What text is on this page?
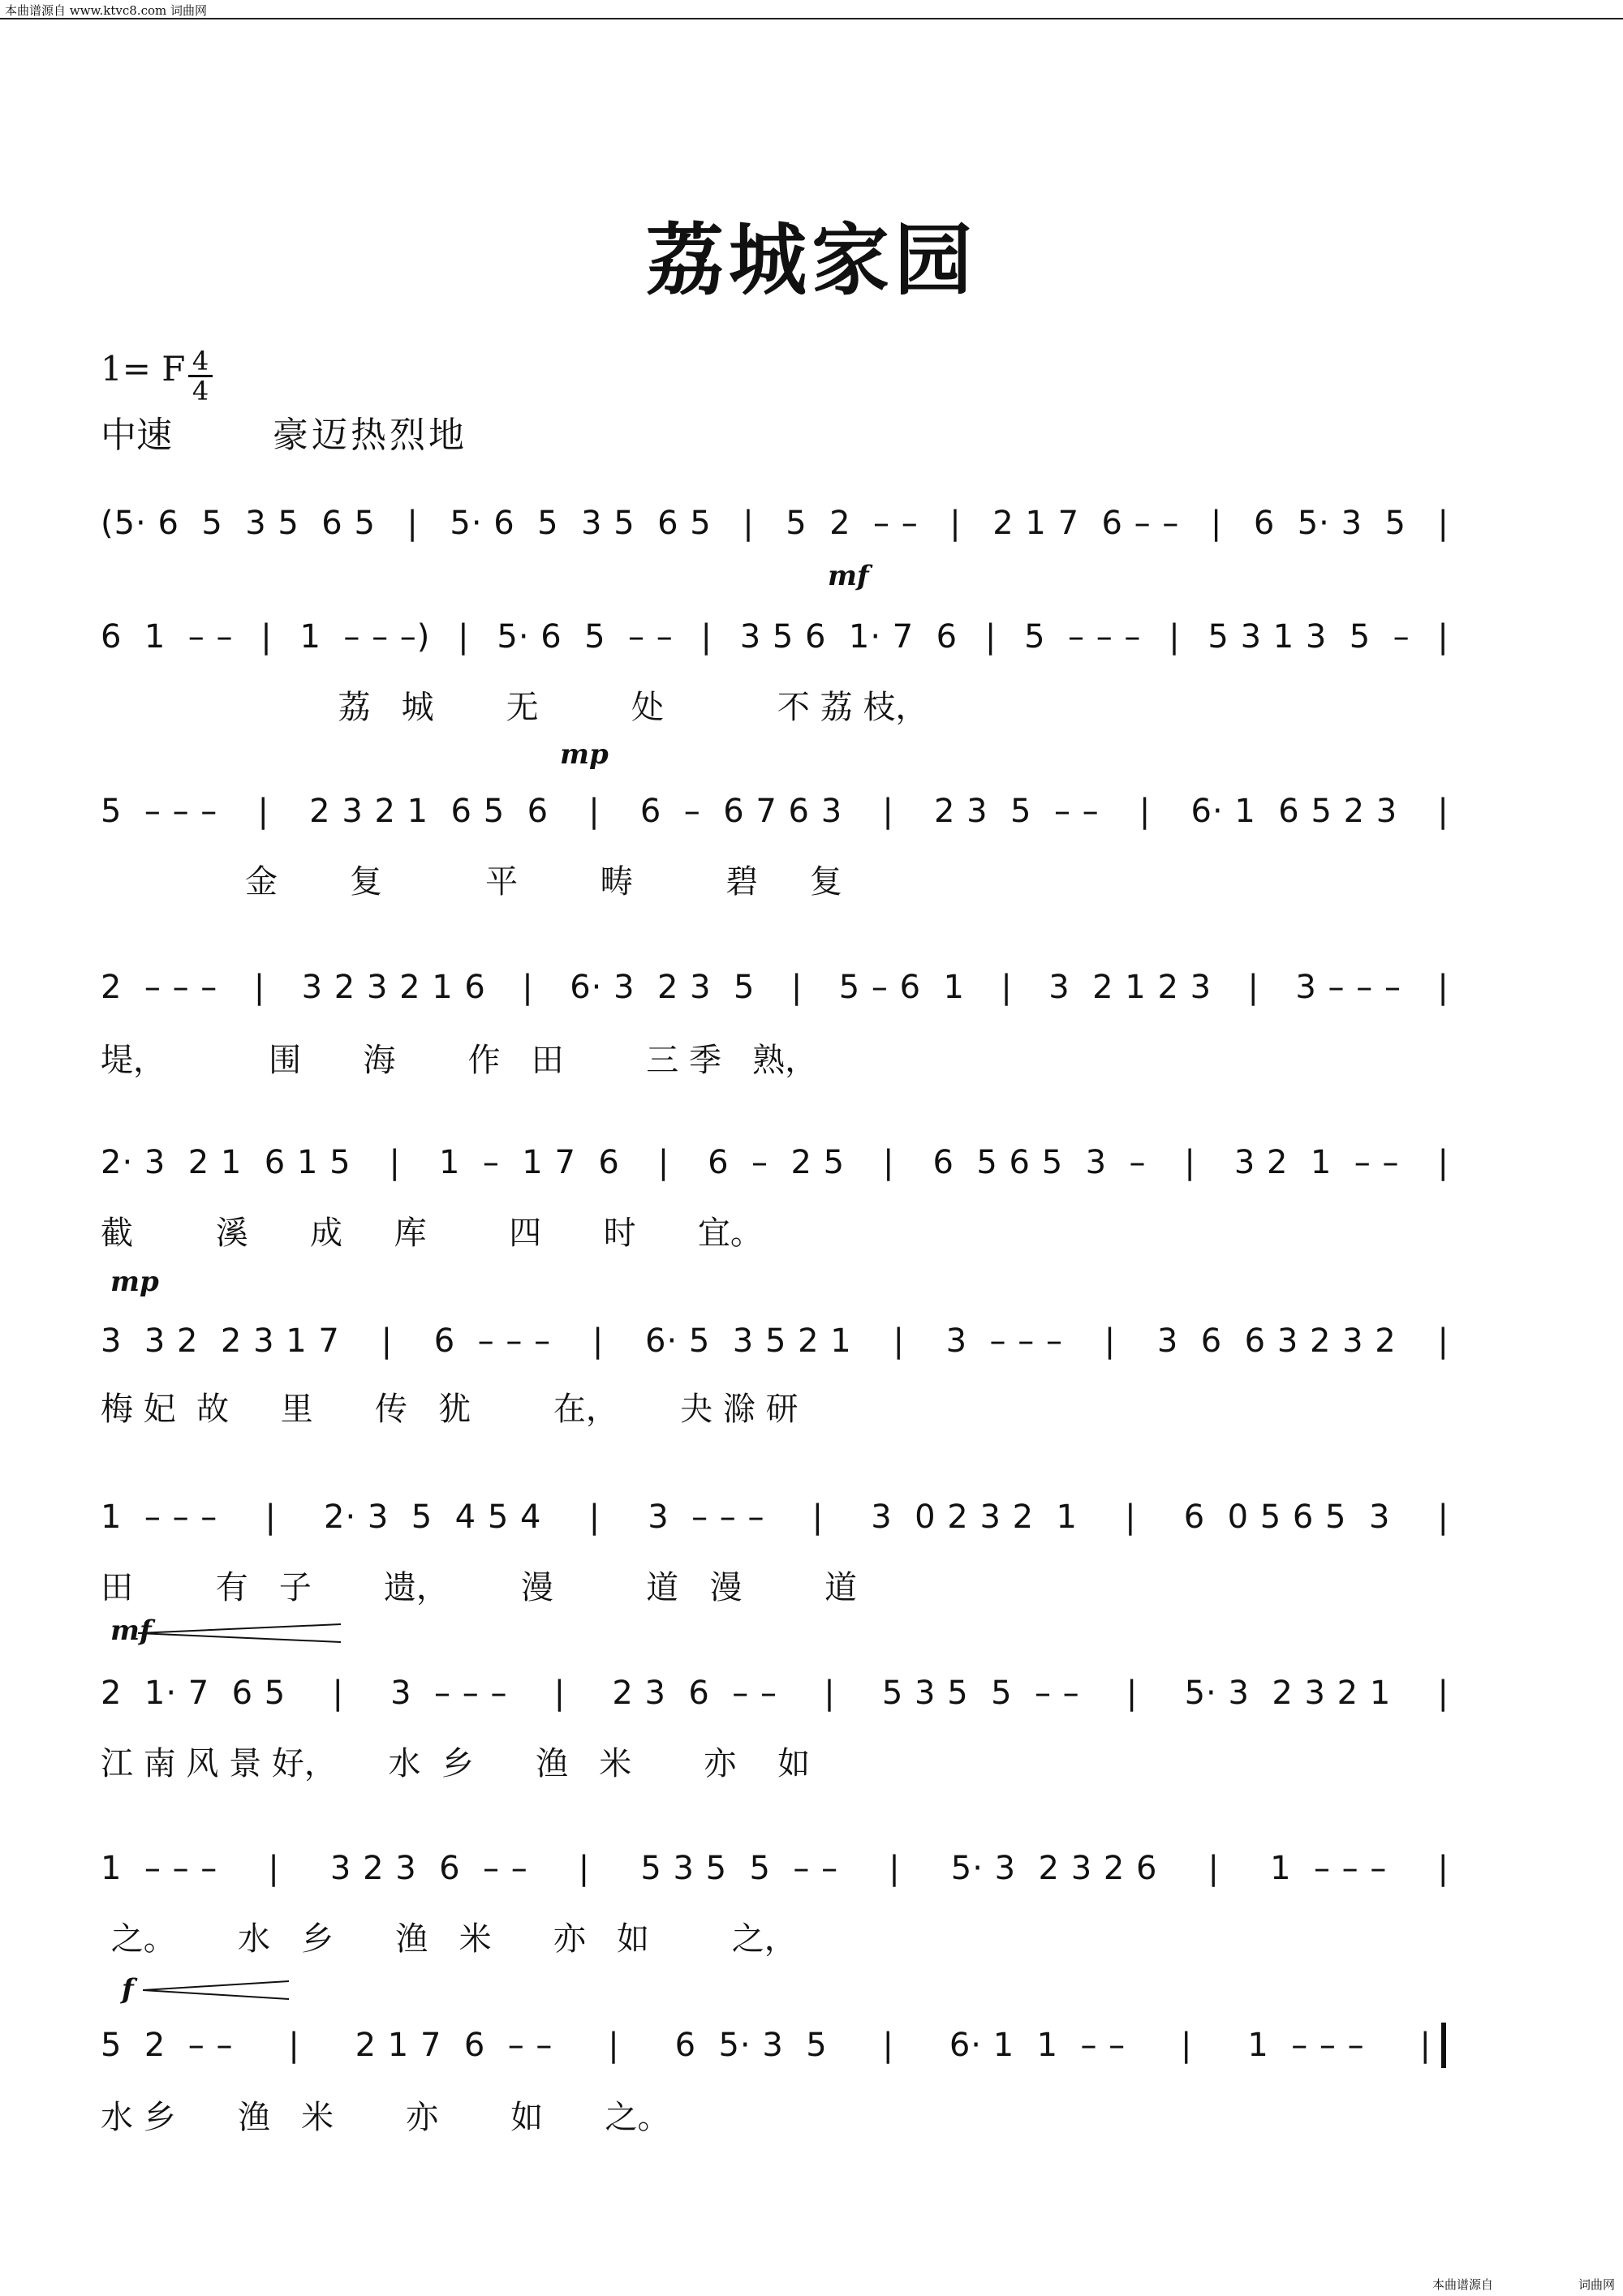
本曲谱源自 www.ktvc8.com 词曲网
荔城家园
1= F 4
4
中速	豪迈热烈地
(5· 6  5  3 5  6 5 | 5· 6  5  3 5  6 5 | 5  2  – – | 2 1 7  6 – – | 6  5· 3  5 |
mf
6  1  – – | 1  – – –) | 5· 6  5  – – | 3 5 6  1· 7  6 | 5  – – – | 5 3 1 3  5  – |
荔   城       无         处           不 荔 枝，
mp
5  – – – | 2 3 2 1  6 5  6 | 6  –  6 7 6 3 | 2 3  5  – – | 6· 1  6 5 2 3 |
金       复          平        畴         碧     复
2  – – – | 3 2 3 2 1 6 | 6· 3  2 3  5 | 5 – 6  1 | 3  2 1 2 3 | 3 – – – |
堤，          围      海       作   田        三 季   熟，
2· 3  2 1  6 1 5 | 1  –  1 7  6 | 6  –  2 5 | 6  5 6 5  3  – | 3 2  1  – – |
截        溪      成     库        四      时      宜。
mp
3  3 2  2 3 1 7 | 6  – – – | 6· 5  3 5 2 1 | 3  – – – | 3  6  6 3 2 3 2 |
梅 妃  故     里      传   犹        在，      夬 滁 研
1  – – – | 2· 3  5  4 5 4 | 3  – – – | 3  0 2 3 2  1 | 6  0 5 6 5  3 |
田        有   子       遗，       漫         道   漫        道
mf
2  1· 7  6 5 | 3  – – – | 2 3  6  – – | 5 3 5  5  – – | 5· 3  2 3 2 1 |
江 南 风 景 好，     水  乡      渔   米       亦    如
1  – – – | 3 2 3  6  – – | 5 3 5  5  – – | 5· 3  2 3 2 6 | 1  – – – |
之。      水   乡      渔   米      亦   如        之，
f
5  2  – – | 2 1 7  6  – – | 6  5· 3  5 | 6· 1  1  – – | 1  – – – |
水 乡      渔   米       亦       如      之。
本曲谱源自	词曲网
